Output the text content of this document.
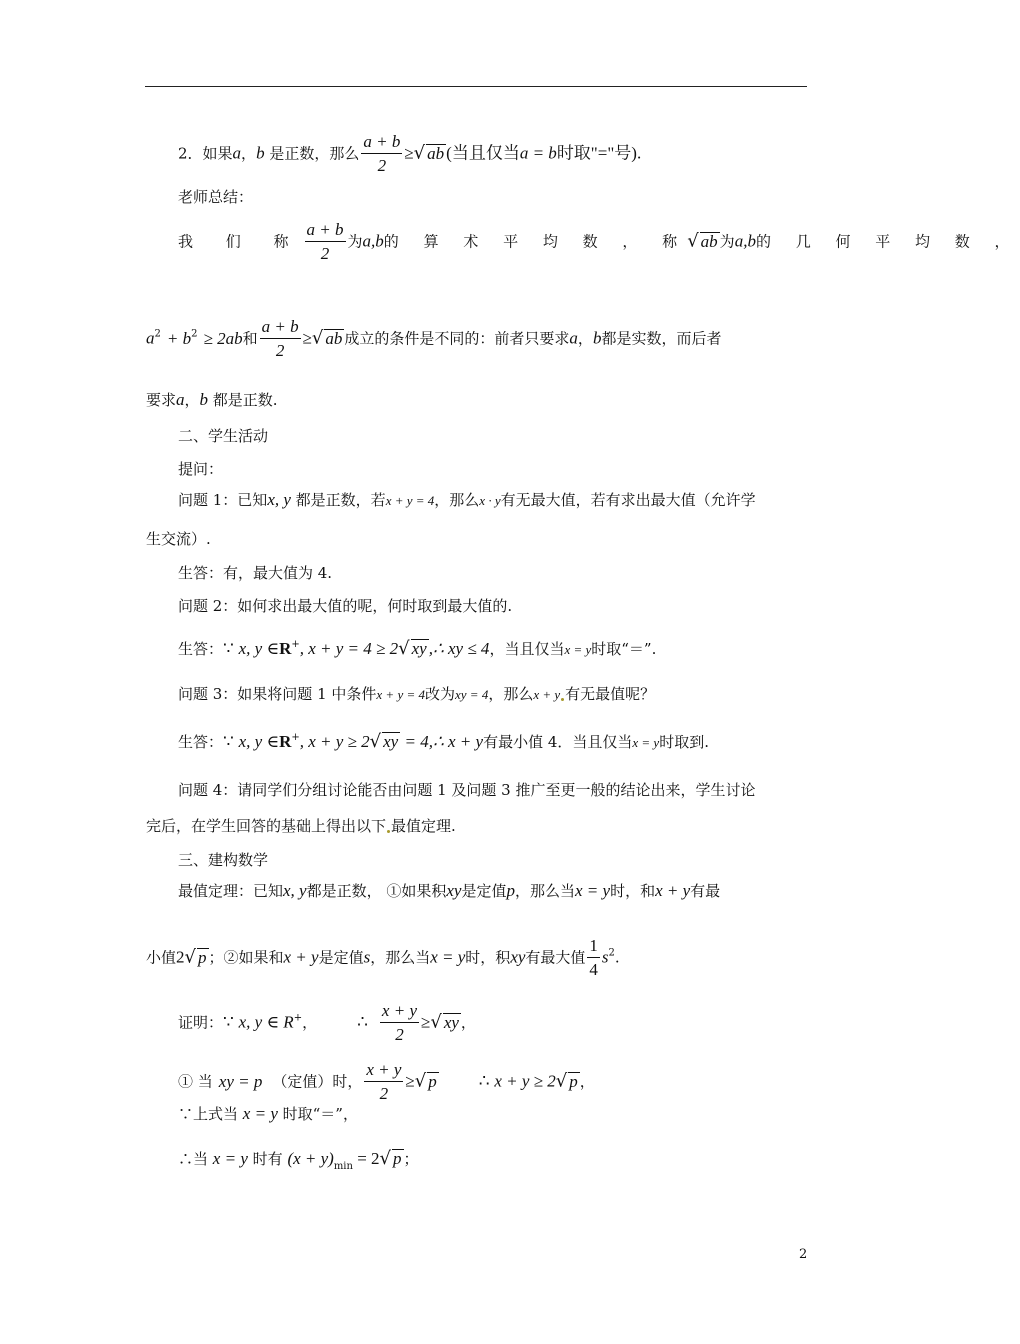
2．如果a，b 是正数，那么 $\frac{a + b}{2}$ ≥√ ab (当且仅当a = b时取"="号).
老师总结：
我 们 称 $\frac{a + b}{2}$ 为a,b的 算 术 平 均 数 ， 称√ ab 为a,b的 几 何 平 均 数 ，
$a^2 + b^2 \ge 2ab$和 $\frac{a + b}{2}$ ≥√ ab 成立的条件是不同的：前者只要求a，b都是实数，而后者
要求a，b 都是正数.
二、学生活动
提问：
问题 1：已知x, y 都是正数，若x + y = 4，那么x · y有无最大值，若有求出最大值（允许学
生交流）.
生答：有，最大值为 4.
问题 2：如何求出最大值的呢，何时取到最大值的.
生答：∵ x, y ∈R+, x + y = 4 ≥ 2√ xy ,∴ xy ≤ 4，当且仅当x = y时取“＝”.
问题 3：如果将问题 1 中条件x + y = 4改为xy = 4，那么x + y 有无最值呢？
生答：∵ x, y ∈R+, x + y ≥ 2√ xy = 4,∴ x + y有最小值 4．当且仅当x = y时取到.
问题 4：请同学们分组讨论能否由问题 1 及问题 3 推广至更一般的结论出来，学生讨论
完后，在学生回答的基础上得出以下 最值定理.
三、建构数学
最值定理：已知x, y都是正数， ①如果积xy是定值p，那么当x = y时，和x + y有最
小值2√ p ；②如果和x + y是定值s，那么当x = y时，积xy有最大值 $\frac{1}{4} s^2$.
证明：∵ x, y ∈ R+， ∴ $\frac{x + y}{2}$ ≥√ xy ，
① 当 xy = p （定值）时， $\frac{x + y}{2}$ ≥√ p ∴ x + y ≥ 2√ p ，
∵上式当 x = y 时取“＝”，
∴当 x = y 时有 $(x + y)_{min} = 2√$ p ；
2
